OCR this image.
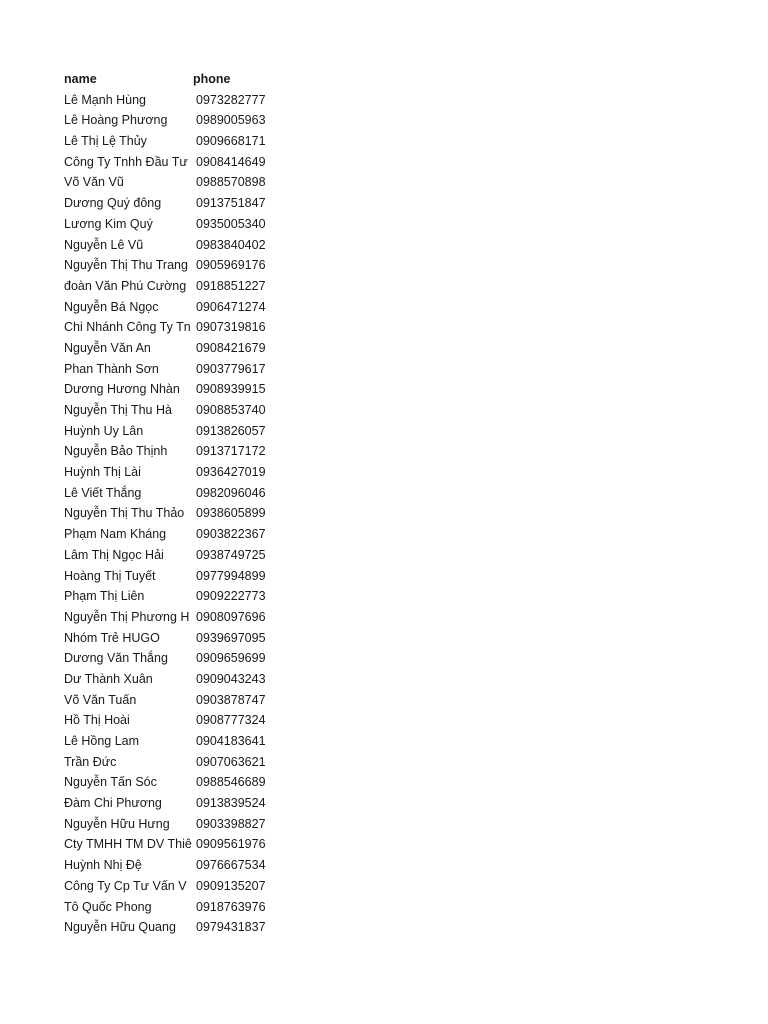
name	phone
Lê Mạnh Hùng	0973282777
Lê Hoàng Phương	0989005963
Lê Thị Lệ Thủy	0909668171
Công Ty Tnhh Đầu Tư 0908414649
Võ Văn Vũ	0988570898
Dương Quý đông	0913751847
Lương Kim Quý	0935005340
Nguyễn Lê Vũ	0983840402
Nguyễn Thị Thu Trang 0905969176
đoàn Văn Phú Cường 0918851227
Nguyễn Bá Ngọc	0906471274
Chi Nhánh Công Ty Tn 0907319816
Nguyễn Văn An	0908421679
Phan Thành Sơn	0903779617
Dương Hương Nhàn	0908939915
Nguyễn Thị Thu Hà	0908853740
Huỳnh Uy Lân	0913826057
Nguyễn Bảo Thịnh	0913717172
Huỳnh Thị Lài	0936427019
Lê Viết Thắng	0982096046
Nguyễn Thị Thu Thảo 0938605899
Phạm Nam Kháng	0903822367
Lâm Thị Ngọc Hải	0938749725
Hoàng Thị Tuyết	0977994899
Phạm Thị Liên	0909222773
Nguyễn Thị Phương H 0908097696
Nhóm Trẻ HUGO	0939697095
Dương Văn Thắng	0909659699
Dư Thành Xuân	0909043243
Võ Văn Tuấn	0903878747
Hồ Thị Hoài	0908777324
Lê Hồng Lam	0904183641
Trần Đức	0907063621
Nguyễn Tấn Sóc	0988546689
Đàm Chi Phương	0913839524
Nguyễn Hữu Hưng	0903398827
Cty TMHH TM DV Thiê 0909561976
Huỳnh Nhị Đệ	0976667534
Công Ty Cp Tư Vấn V 0909135207
Tô Quốc Phong	0918763976
Nguyễn Hữu Quang	0979431837
